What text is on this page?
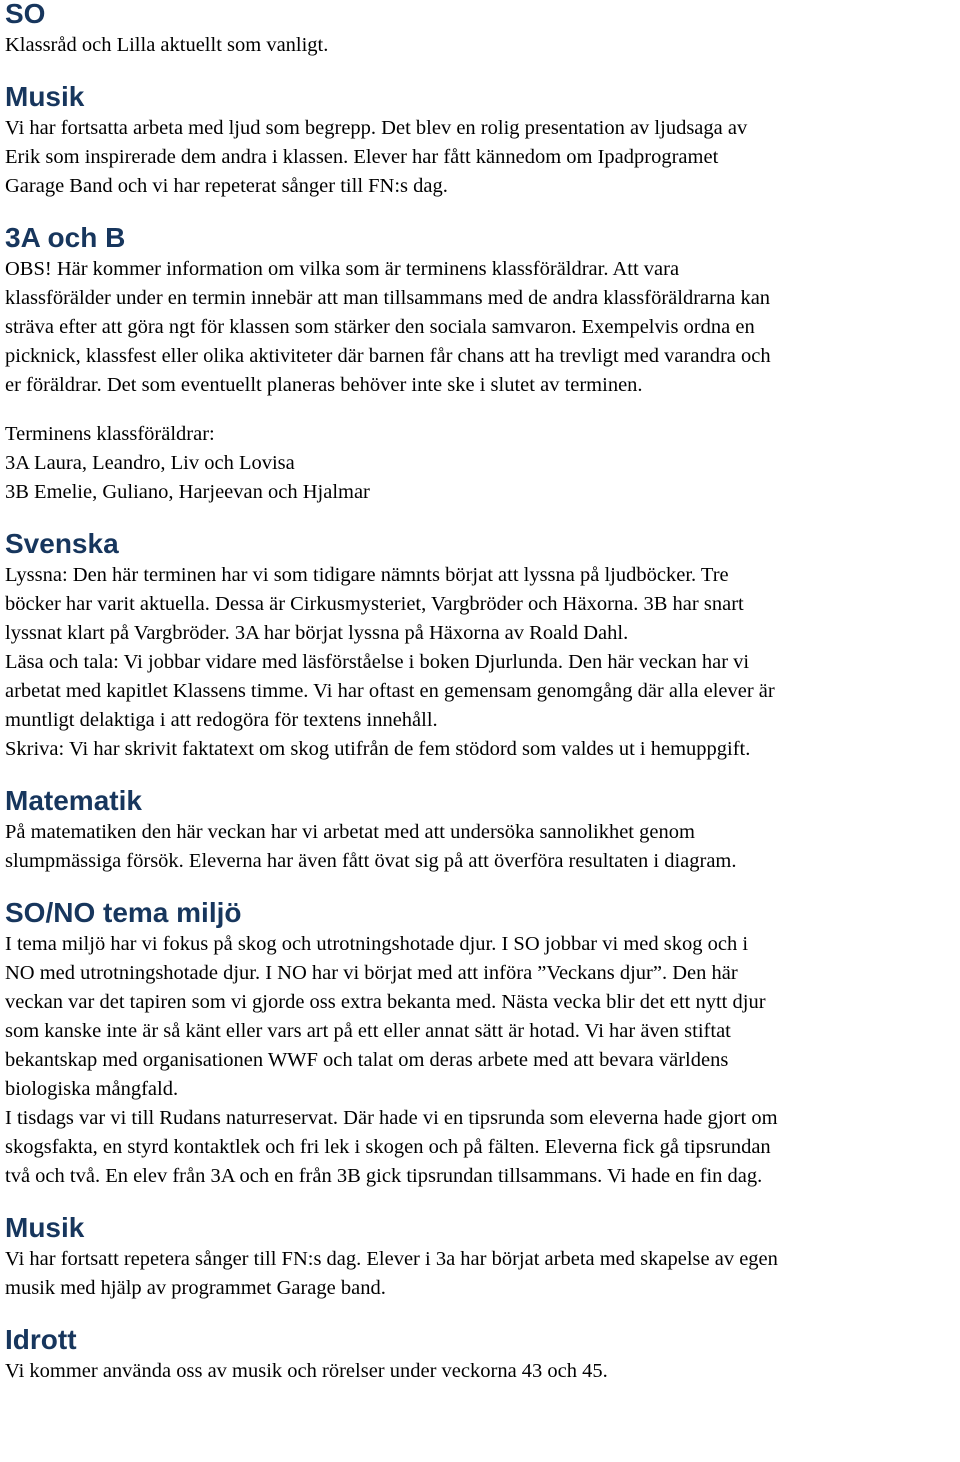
SO

Klassråd och Lilla aktuellt som vanligt.

Musik

Vi har fortsatta arbeta med ljud som begrepp. Det blev en rolig presentation av ljudsaga av

Erik som inspirerade dem andra i klassen. Elever har fått kännedom om Ipadprogramet

Garage Band och vi har repeterat sånger till FN:s dag.

3A och B

OBS! Här kommer information om vilka som är terminens klassföräldrar. Att vara

klassförälder under en termin innebär att man tillsammans med de andra klassföräldrarna kan

sträva efter att göra ngt för klassen som stärker den sociala samvaron. Exempelvis ordna en

picknick, klassfest eller olika aktiviteter där barnen får chans att ha trevligt med varandra och

er föräldrar. Det som eventuellt planeras behöver inte ske i slutet av terminen.

Terminens klassföräldrar:

3A Laura, Leandro, Liv och Lovisa

3B Emelie, Guliano, Harjeevan och Hjalmar

Svenska

Lyssna: Den här terminen har vi som tidigare nämnts börjat att lyssna på ljudböcker. Tre

böcker har varit aktuella. Dessa är Cirkusmysteriet, Vargbröder och Häxorna. 3B har snart

lyssnat klart på Vargbröder. 3A har börjat lyssna på Häxorna av Roald Dahl.

Läsa och tala: Vi jobbar vidare med läsförståelse i boken Djurlunda. Den här veckan har vi

arbetat med kapitlet Klassens timme. Vi har oftast en gemensam genomgång där alla elever är

muntligt delaktiga i att redogöra för textens innehåll.

Skriva: Vi har skrivit faktatext om skog utifrån de fem stödord som valdes ut i hemuppgift.

Matematik

På matematiken den här veckan har vi arbetat med att undersöka sannolikhet genom

slumpmässiga försök. Eleverna har även fått övat sig på att överföra resultaten i diagram.

SO/NO tema miljö

I tema miljö har vi fokus på skog och utrotningshotade djur. I SO jobbar vi med skog och i

NO med utrotningshotade djur. I NO har vi börjat med att införa ”Veckans djur”. Den här

veckan var det tapiren som vi gjorde oss extra bekanta med. Nästa vecka blir det ett nytt djur

som kanske inte är så känt eller vars art på ett eller annat sätt är hotad. Vi har även stiftat

bekantskap med organisationen WWF och talat om deras arbete med att bevara världens

biologiska mångfald.

I tisdags var vi till Rudans naturreservat. Där hade vi en tipsrunda som eleverna hade gjort om

skogsfakta, en styrd kontaktlek och fri lek i skogen och på fälten. Eleverna fick gå tipsrundan

två och två. En elev från 3A och en från 3B gick tipsrundan tillsammans. Vi hade en fin dag.

Musik

Vi har fortsatt repetera sånger till FN:s dag. Elever i 3a har börjat arbeta med skapelse av egen

musik med hjälp av programmet Garage band.

Idrott

Vi kommer använda oss av musik och rörelser under veckorna 43 och 45.
